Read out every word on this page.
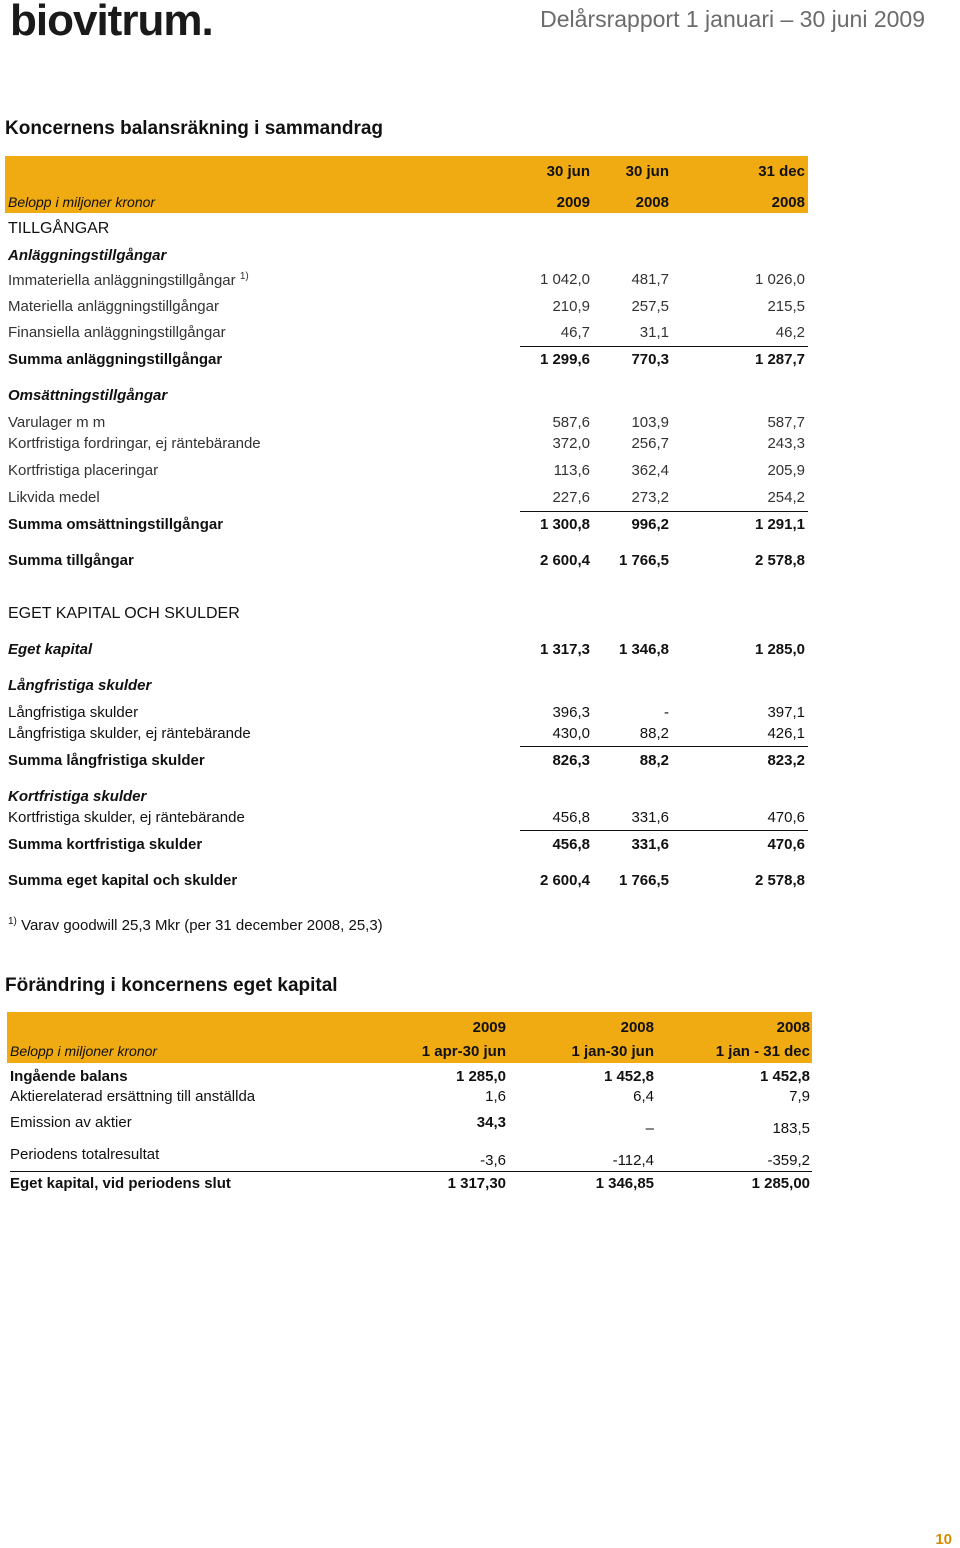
biovitrum.	Delårsrapport 1 januari – 30 juni 2009
Koncernens balansräkning i sammandrag
30 jun	30 jun	31 dec
Belopp i miljoner kronor	2009	2008	2008
TILLGÅNGAR
Anläggningstillgångar
Immateriella anläggningstillgångar $^{1)}$	1 042,0	481,7	1 026,0
Materiella anläggningstillgångar	210,9	257,5	215,5
Finansiella anläggningstillgångar	46,7	31,1	46,2
Summa anläggningstillgångar	1 299,6	770,3	1 287,7
Omsättningstillgångar
Varulager m m	587,6	103,9	587,7
Kortfristiga fordringar, ej räntebärande	372,0	256,7	243,3
Kortfristiga placeringar	113,6	362,4	205,9
Likvida medel	227,6	273,2	254,2
Summa omsättningstillgångar	1 300,8	996,2	1 291,1
Summa tillgångar	2 600,4	1 766,5	2 578,8
EGET KAPITAL OCH SKULDER
Eget kapital	1 317,3	1 346,8	1 285,0
Långfristiga skulder
Långfristiga skulder	396,3	-	397,1
Långfristiga skulder, ej räntebärande	430,0	88,2	426,1
Summa långfristiga skulder	826,3	88,2	823,2
Kortfristiga skulder
Kortfristiga skulder, ej räntebärande	456,8	331,6	470,6
Summa kortfristiga skulder	456,8	331,6	470,6
Summa eget kapital och skulder	2 600,4	1 766,5	2 578,8
$^{1)}$ Varav goodwill 25,3 Mkr (per 31 december 2008, 25,3)
Förändring i koncernens eget kapital
2009	2008	2008
Belopp i miljoner kronor	1 apr-30 jun	1 jan-30 jun	1 jan - 31 dec
Ingående balans	1 285,0	1 452,8	1 452,8
Aktierelaterad ersättning till anställda	1,6	6,4	7,9
Emission av aktier	34,3	–	183,5
Periodens totalresultat	-3,6	-112,4	-359,2
Eget kapital, vid periodens slut	1 317,30	1 346,85	1 285,00
10
